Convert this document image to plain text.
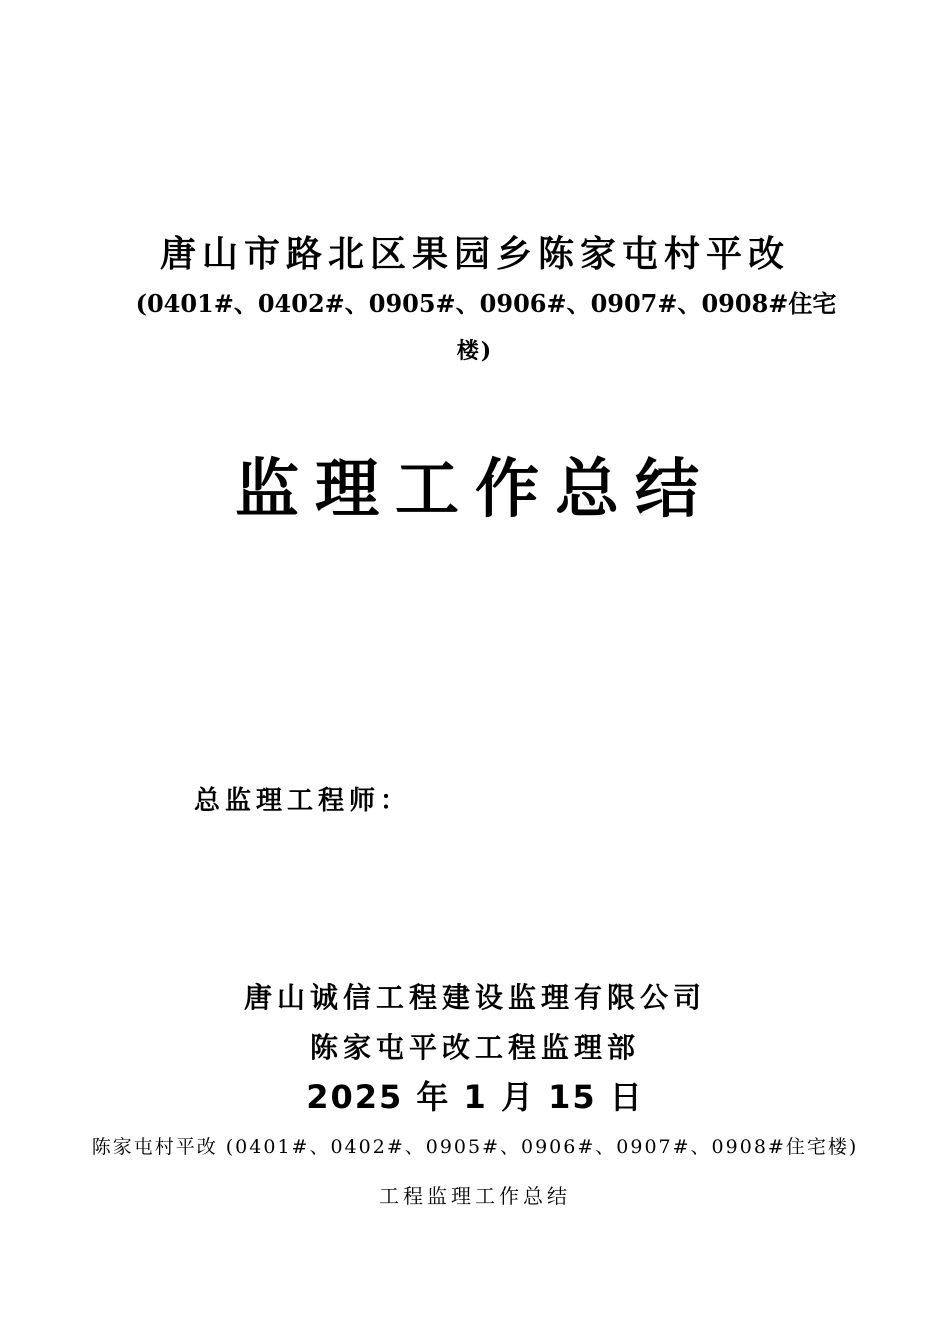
唐山市路北区果园乡陈家屯村平改
(0401#、0402#、0905#、0906#、0907#、0908#住宅
楼)
监理工作总结
总监理工程师：
唐山诚信工程建设监理有限公司
陈家屯平改工程监理部
2025 年 1 月 15 日
陈家屯村平改 (0401#、0402#、0905#、0906#、0907#、0908#住宅楼)
工程监理工作总结
